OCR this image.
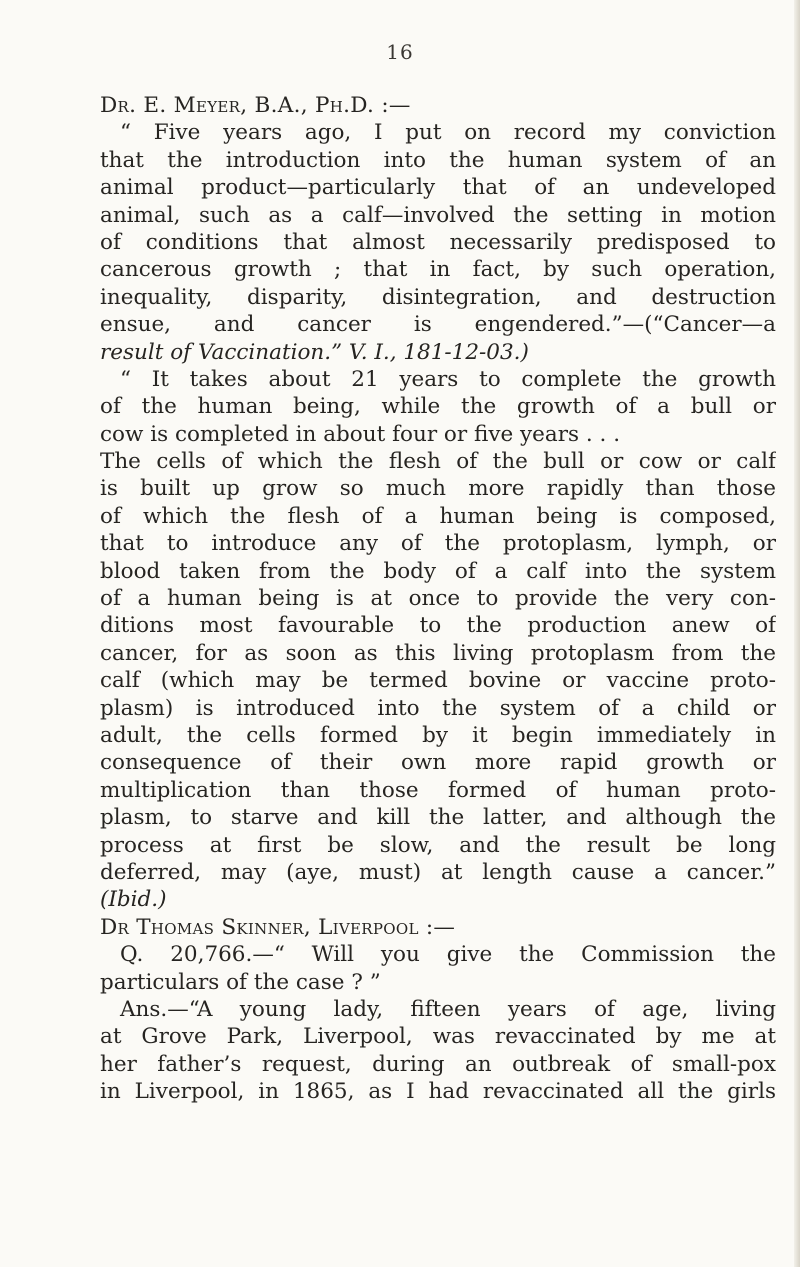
16
Dr. E. Meyer, B.A., Ph.D. :—
“ Five years ago, I put on record my conviction
that the introduction into the human system of an
animal product—particularly that of an undeveloped
animal, such as a calf—involved the setting in motion
of conditions that almost necessarily predisposed to
cancerous growth ; that in fact, by such operation,
inequality, disparity, disintegration, and destruction
ensue, and cancer is engendered.”—(“Cancer—a
result of Vaccination.” V. I., 181-12-03.)
“ It takes about 21 years to complete the growth
of the human being, while the growth of a bull or
cow is completed in about four or five years . . .
The cells of which the flesh of the bull or cow or calf
is built up grow so much more rapidly than those
of which the flesh of a human being is composed,
that to introduce any of the protoplasm, lymph, or
blood taken from the body of a calf into the system
of a human being is at once to provide the very con-
ditions most favourable to the production anew of
cancer, for as soon as this living protoplasm from the
calf (which may be termed bovine or vaccine proto-
plasm) is introduced into the system of a child or
adult, the cells formed by it begin immediately in
consequence of their own more rapid growth or
multiplication than those formed of human proto-
plasm, to starve and kill the latter, and although the
process at first be slow, and the result be long
deferred, may (aye, must) at length cause a cancer.”
(Ibid.)
Dr Thomas Skinner, Liverpool :—
Q. 20,766.—“ Will you give the Commission the
particulars of the case ? ”
Ans.—“A young lady, fifteen years of age, living
at Grove Park, Liverpool, was revaccinated by me at
her father’s request, during an outbreak of small-pox
in Liverpool, in 1865, as I had revaccinated all the girls
